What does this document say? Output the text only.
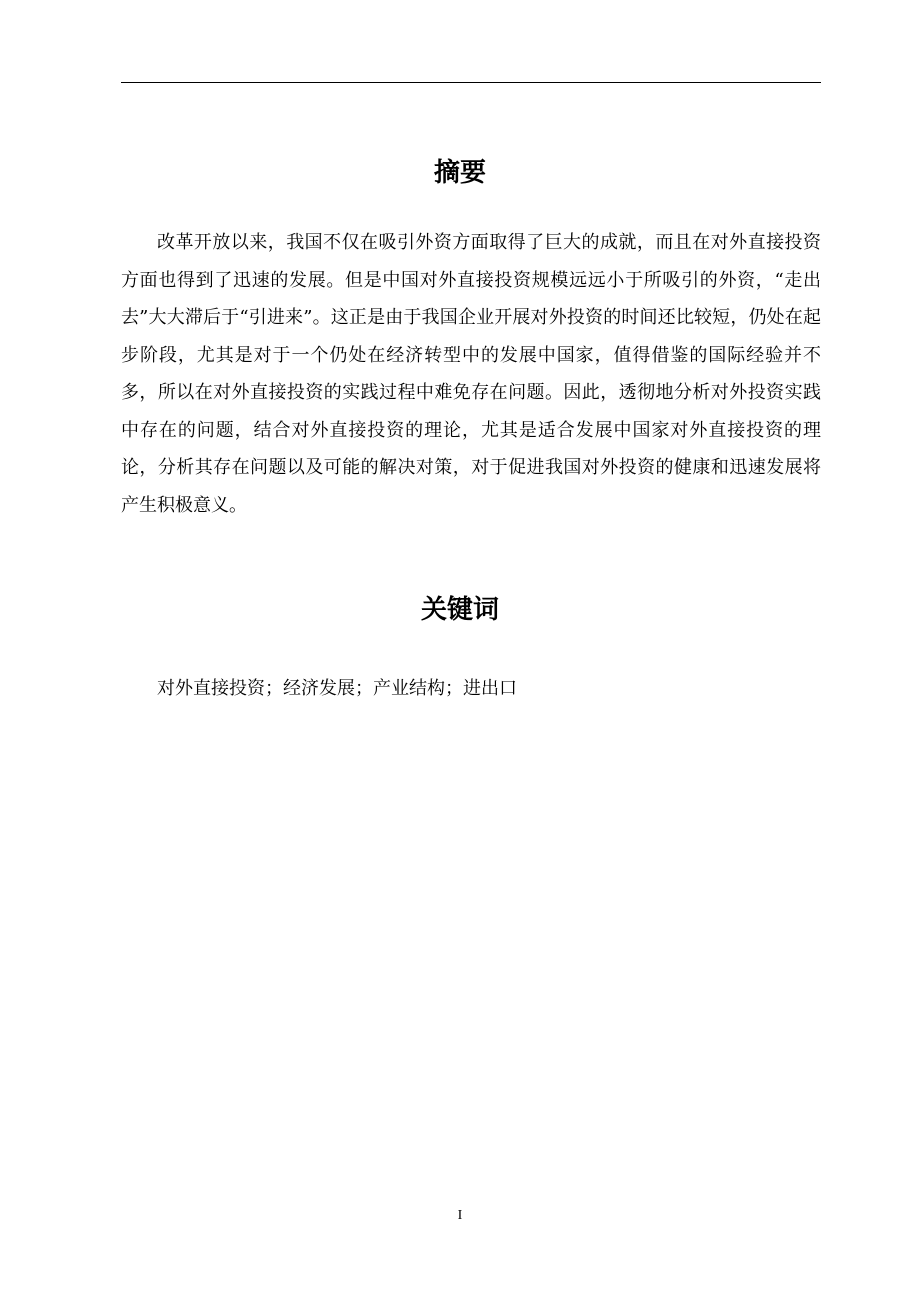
摘要

改革开放以来，我国不仅在吸引外资方面取得了巨大的成就，而且在对外直接投资方面也得到了迅速的发展。但是中国对外直接投资规模远远小于所吸引的外资，“走出去”大大滞后于“引进来”。这正是由于我国企业开展对外投资的时间还比较短，仍处在起步阶段，尤其是对于一个仍处在经济转型中的发展中国家，值得借鉴的国际经验并不多，所以在对外直接投资的实践过程中难免存在问题。因此，透彻地分析对外投资实践中存在的问题，结合对外直接投资的理论，尤其是适合发展中国家对外直接投资的理论，分析其存在问题以及可能的解决对策，对于促进我国对外投资的健康和迅速发展将产生积极意义。

关键词

对外直接投资；经济发展；产业结构；进出口

I
